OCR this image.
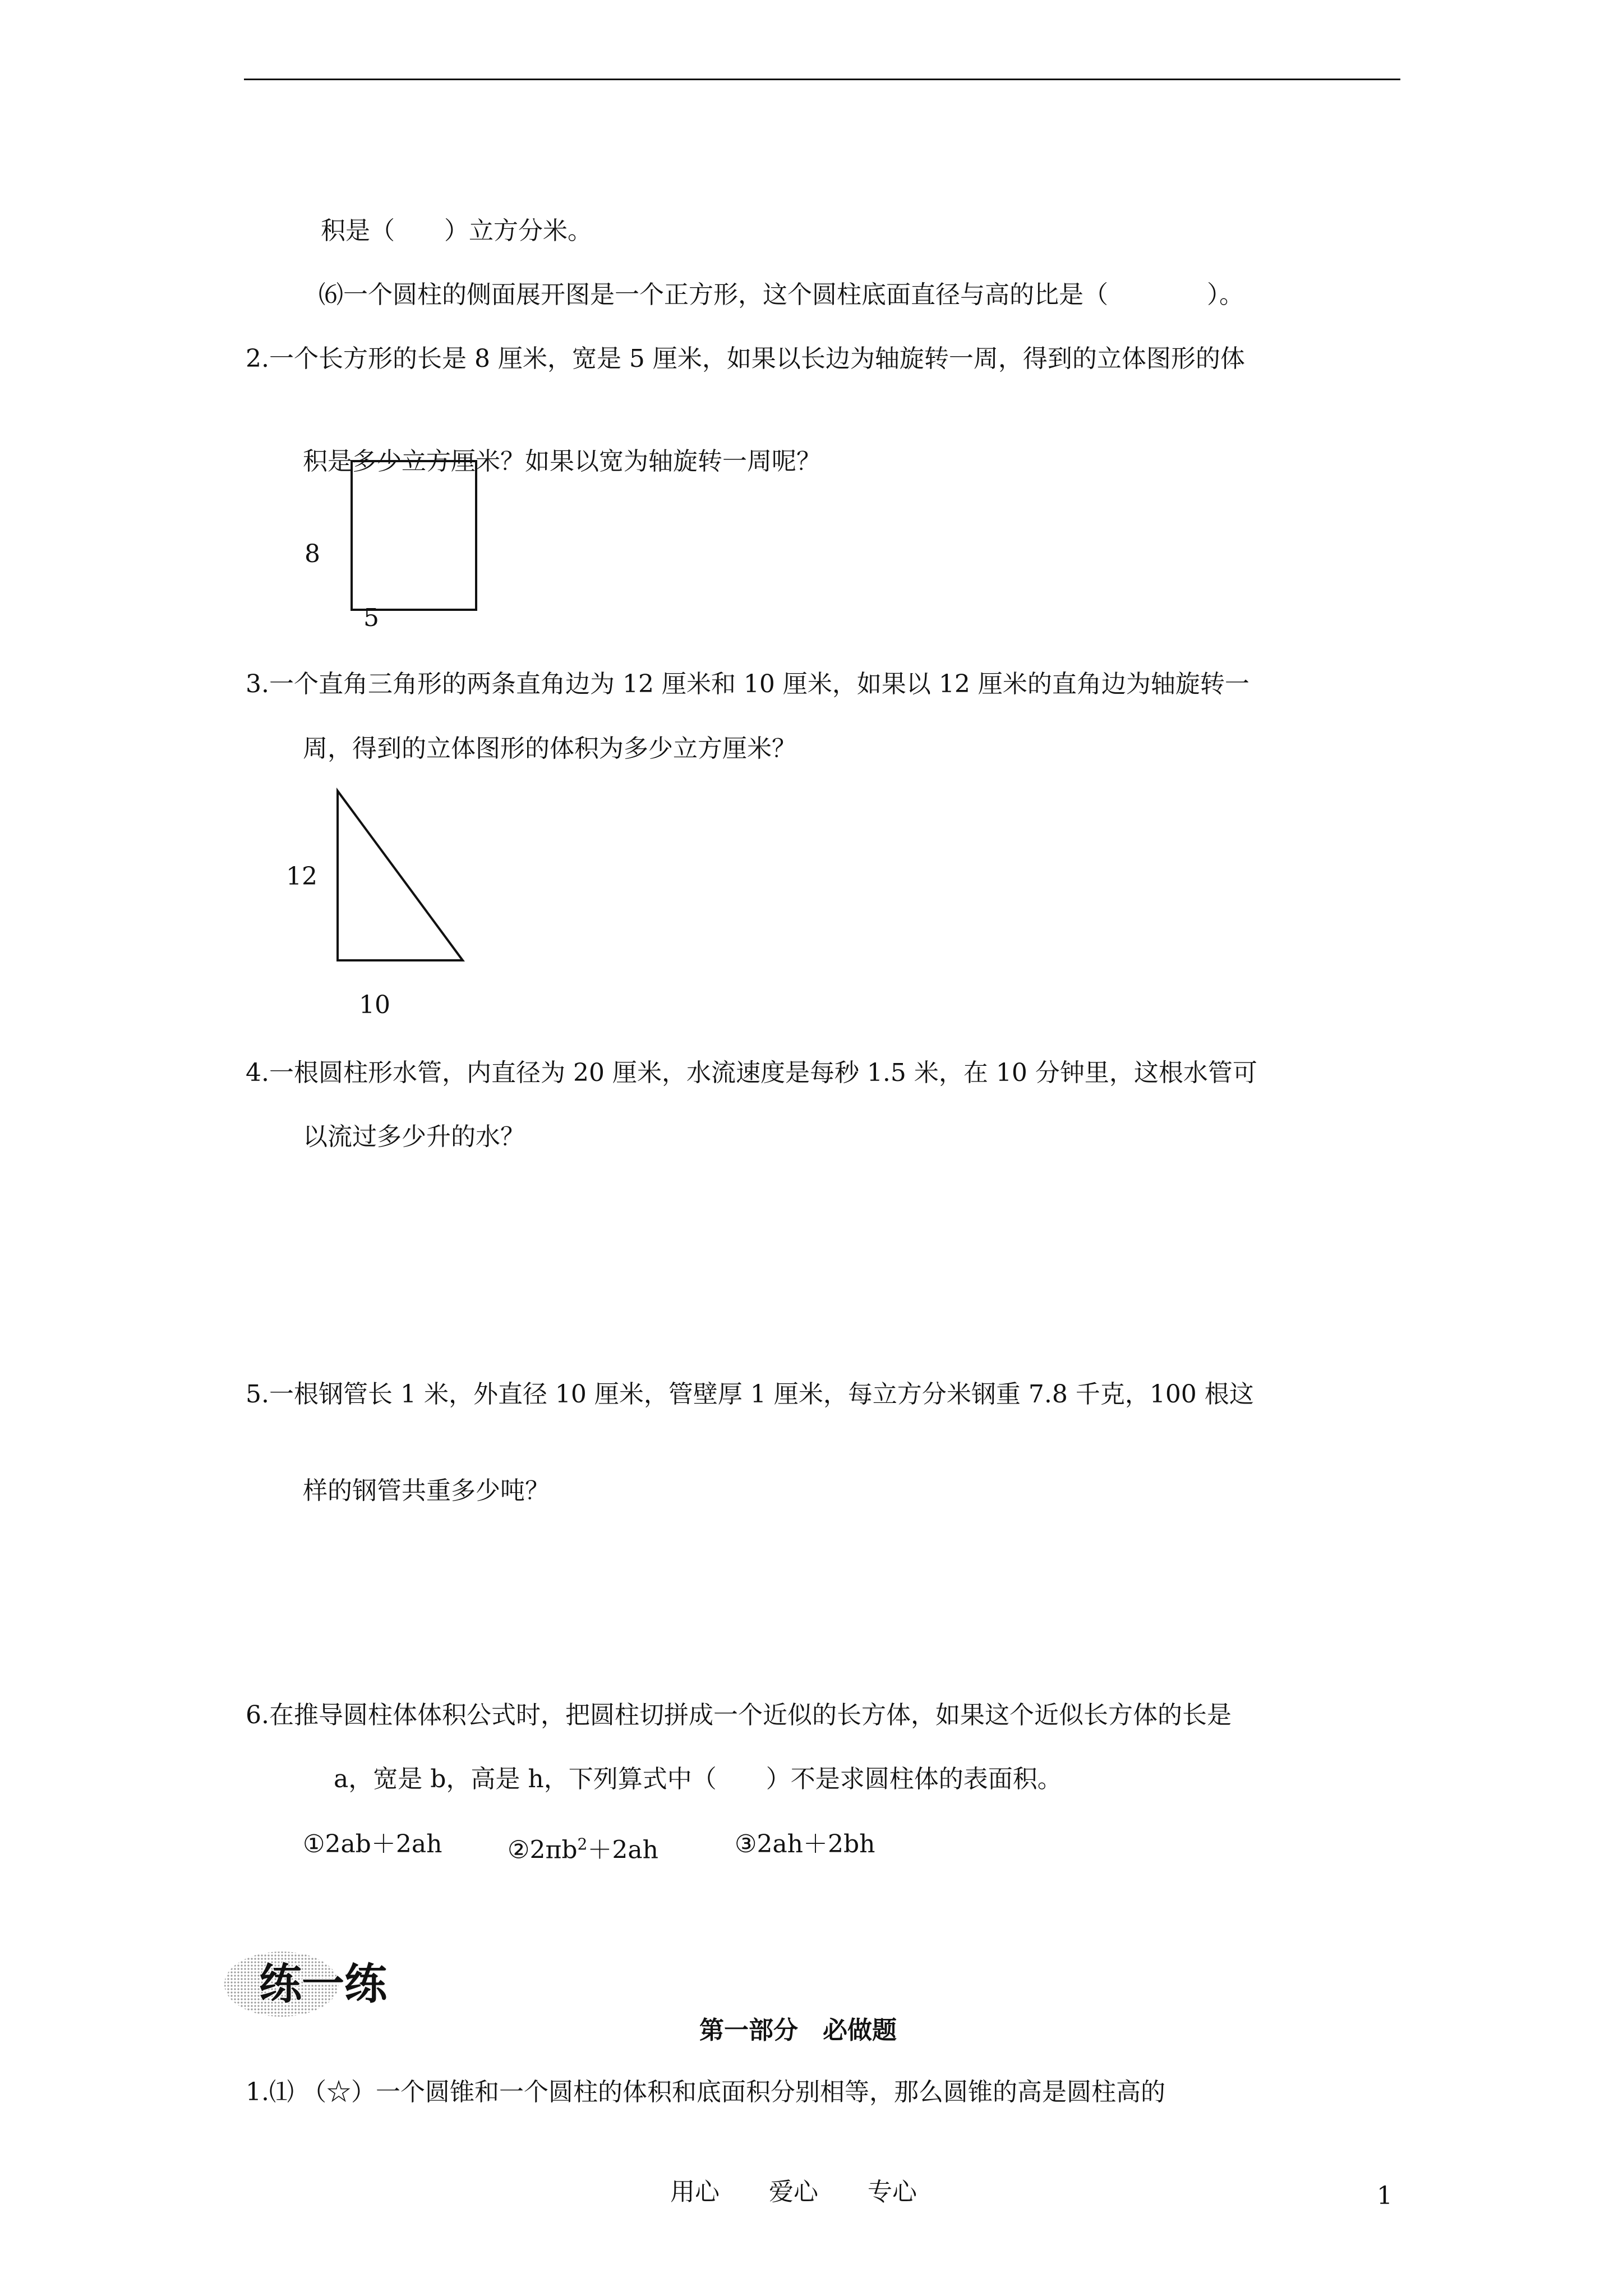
积是（　　）立方分米。
⑹一个圆柱的侧面展开图是一个正方形，这个圆柱底面直径与高的比是（　　　　）。
2.一个长方形的长是 8 厘米，宽是 5 厘米，如果以长边为轴旋转一周，得到的立体图形的体
积是多少立方厘米？如果以宽为轴旋转一周呢？
8
5
3.一个直角三角形的两条直角边为 12 厘米和 10 厘米，如果以 12 厘米的直角边为轴旋转一
周，得到的立体图形的体积为多少立方厘米？
12
10
4.一根圆柱形水管，内直径为 20 厘米，水流速度是每秒 1.5 米，在 10 分钟里，这根水管可
以流过多少升的水？
5.一根钢管长 1 米，外直径 10 厘米，管壁厚 1 厘米，每立方分米钢重 7.8 千克，100 根这
样的钢管共重多少吨？
6.在推导圆柱体体积公式时，把圆柱切拼成一个近似的长方体，如果这个近似长方体的长是
a，宽是 b，高是 h，下列算式中（　　）不是求圆柱体的表面积。
①2ab＋2ah	$②2\pi b^2+2ah$	③2ah＋2bh
练一练
第一部分　必做题
1.⑴ （☆）一个圆锥和一个圆柱的体积和底面积分别相等，那么圆锥的高是圆柱高的
用心　　爱心　　专心	1
